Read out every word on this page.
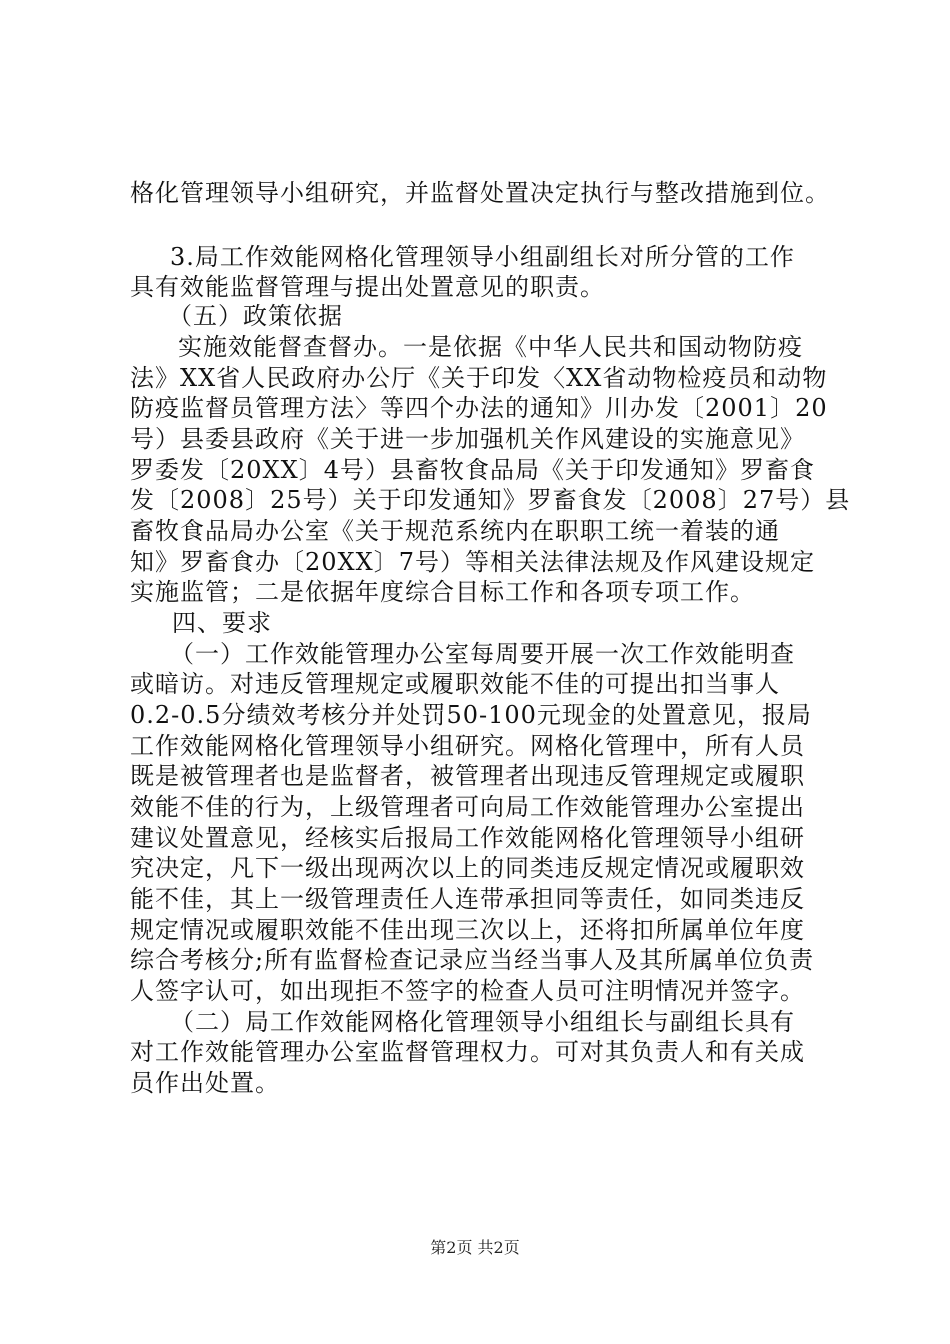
格化管理领导小组研究，并监督处置决定执行与整改措施到位。
3.局工作效能网格化管理领导小组副组长对所分管的工作
具有效能监督管理与提出处置意见的职责。
（五）政策依据
实施效能督查督办。一是依据《中华人民共和国动物防疫
法》XX省人民政府办公厅《关于印发〈XX省动物检疫员和动物
防疫监督员管理方法〉等四个办法的通知》川办发〔2001〕20
号）县委县政府《关于进一步加强机关作风建设的实施意见》
罗委发〔20XX〕4号）县畜牧食品局《关于印发通知》罗畜食
发〔2008〕25号）关于印发通知》罗畜食发〔2008〕27号）县
畜牧食品局办公室《关于规范系统内在职职工统一着装的通
知》罗畜食办〔20XX〕7号）等相关法律法规及作风建设规定
实施监管；二是依据年度综合目标工作和各项专项工作。
四、要求
（一）工作效能管理办公室每周要开展一次工作效能明查
或暗访。对违反管理规定或履职效能不佳的可提出扣当事人
0.2-0.5分绩效考核分并处罚50-100元现金的处置意见，报局
工作效能网格化管理领导小组研究。网格化管理中，所有人员
既是被管理者也是监督者，被管理者出现违反管理规定或履职
效能不佳的行为，上级管理者可向局工作效能管理办公室提出
建议处置意见，经核实后报局工作效能网格化管理领导小组研
究决定，凡下一级出现两次以上的同类违反规定情况或履职效
能不佳，其上一级管理责任人连带承担同等责任，如同类违反
规定情况或履职效能不佳出现三次以上，还将扣所属单位年度
综合考核分;所有监督检查记录应当经当事人及其所属单位负责
人签字认可，如出现拒不签字的检查人员可注明情况并签字。
（二）局工作效能网格化管理领导小组组长与副组长具有
对工作效能管理办公室监督管理权力。可对其负责人和有关成
员作出处置。
第2页 共2页
